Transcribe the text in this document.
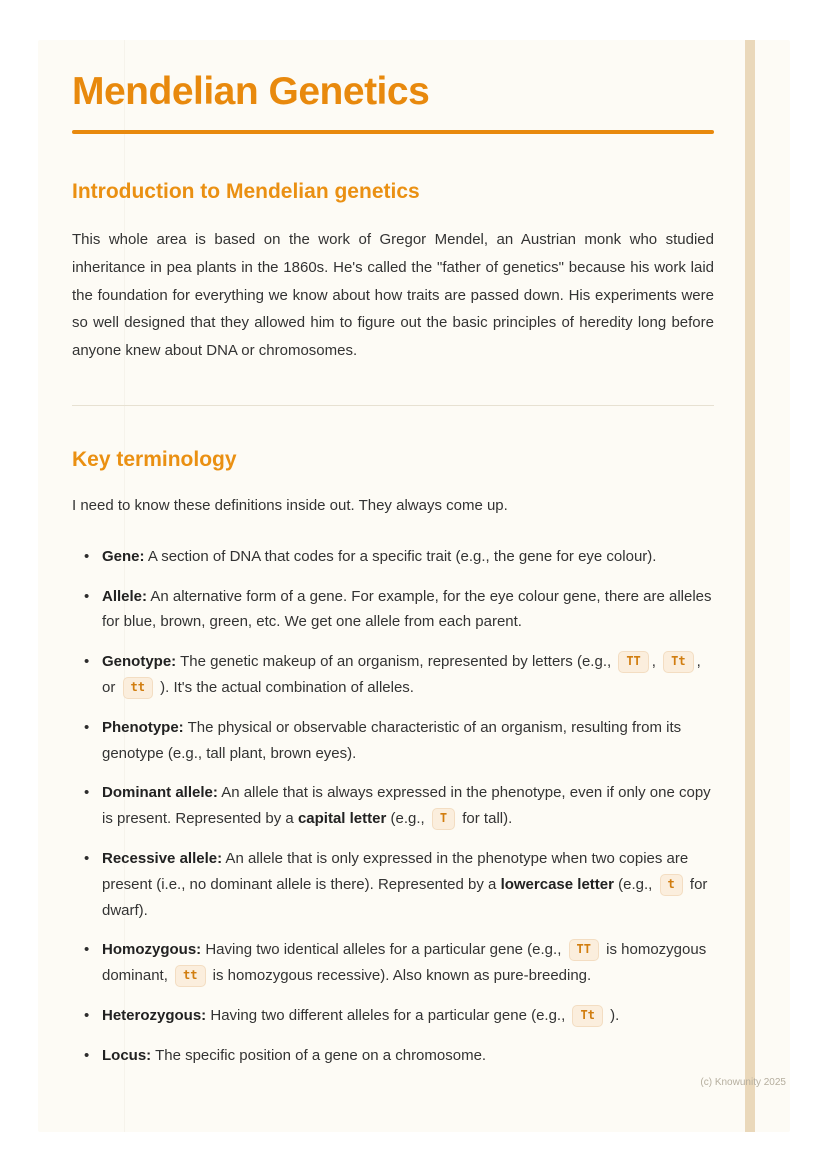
Mendelian Genetics
Introduction to Mendelian genetics

This whole area is based on the work of Gregor Mendel, an Austrian monk who studied inheritance in pea plants in the 1860s. He's called the "father of genetics" because his work laid the foundation for everything we know about how traits are passed down. His experiments were so well designed that they allowed him to figure out the basic principles of heredity long before anyone knew about DNA or chromosomes.

Key terminology

I need to know these definitions inside out. They always come up.

• Gene: A section of DNA that codes for a specific trait (e.g., the gene for eye colour).
• Allele: An alternative form of a gene. For example, for the eye colour gene, there are alleles for blue, brown, green, etc. We get one allele from each parent.
• Genotype: The genetic makeup of an organism, represented by letters (e.g., TT , Tt , or tt ). It's the actual combination of alleles.
• Phenotype: The physical or observable characteristic of an organism, resulting from its genotype (e.g., tall plant, brown eyes).
• Dominant allele: An allele that is always expressed in the phenotype, even if only one copy is present. Represented by a capital letter (e.g., T for tall).
• Recessive allele: An allele that is only expressed in the phenotype when two copies are present (i.e., no dominant allele is there). Represented by a lowercase letter (e.g., t for dwarf).
• Homozygous: Having two identical alleles for a particular gene (e.g., TT is homozygous dominant, tt is homozygous recessive). Also known as pure-breeding.
• Heterozygous: Having two different alleles for a particular gene (e.g., Tt ).
• Locus: The specific position of a gene on a chromosome.
(c) Knowunity 2025
